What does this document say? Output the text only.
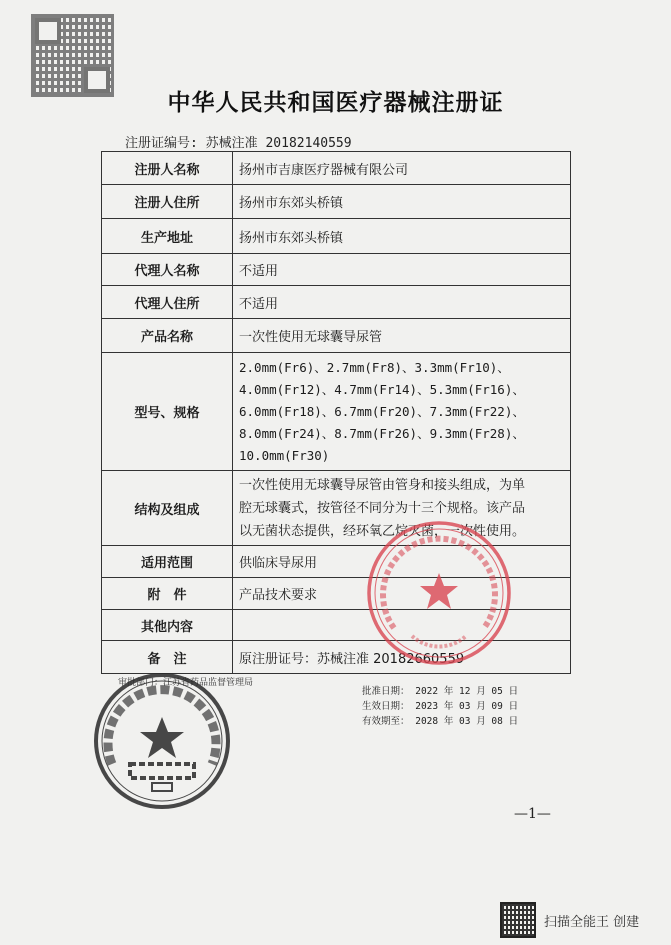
中华人民共和国医疗器械注册证
注册证编号: 苏械注准 20182140559
注册人名称	扬州市吉康医疗器械有限公司
注册人住所	扬州市东郊头桥镇
生产地址	扬州市东郊头桥镇
代理人名称	不适用
代理人住所	不适用
产品名称	一次性使用无球囊导尿管
型号、规格	2.0mm(Fr6)、2.7mm(Fr8)、3.3mm(Fr10)、
4.0mm(Fr12)、4.7mm(Fr14)、5.3mm(Fr16)、
6.0mm(Fr18)、6.7mm(Fr20)、7.3mm(Fr22)、
8.0mm(Fr24)、8.7mm(Fr26)、9.3mm(Fr28)、
10.0mm(Fr30)

结构及组成	一次性使用无球囊导尿管由管身和接头组成，为单
腔无球囊式，按管径不同分为十三个规格。该产品
以无菌状态提供，经环氧乙烷灭菌，一次性使用。

适用范围	供临床导尿用
附　件	产品技术要求
其他内容	
备　注	原注册证号：苏械注准 20182660559
审批部门：江苏省药品监督管理局
批准日期： 2022 年 12 月 05 日
生效日期： 2023 年 03 月 09 日
有效期至： 2028 年 03 月 08 日
—1—
扫描全能王 创建
